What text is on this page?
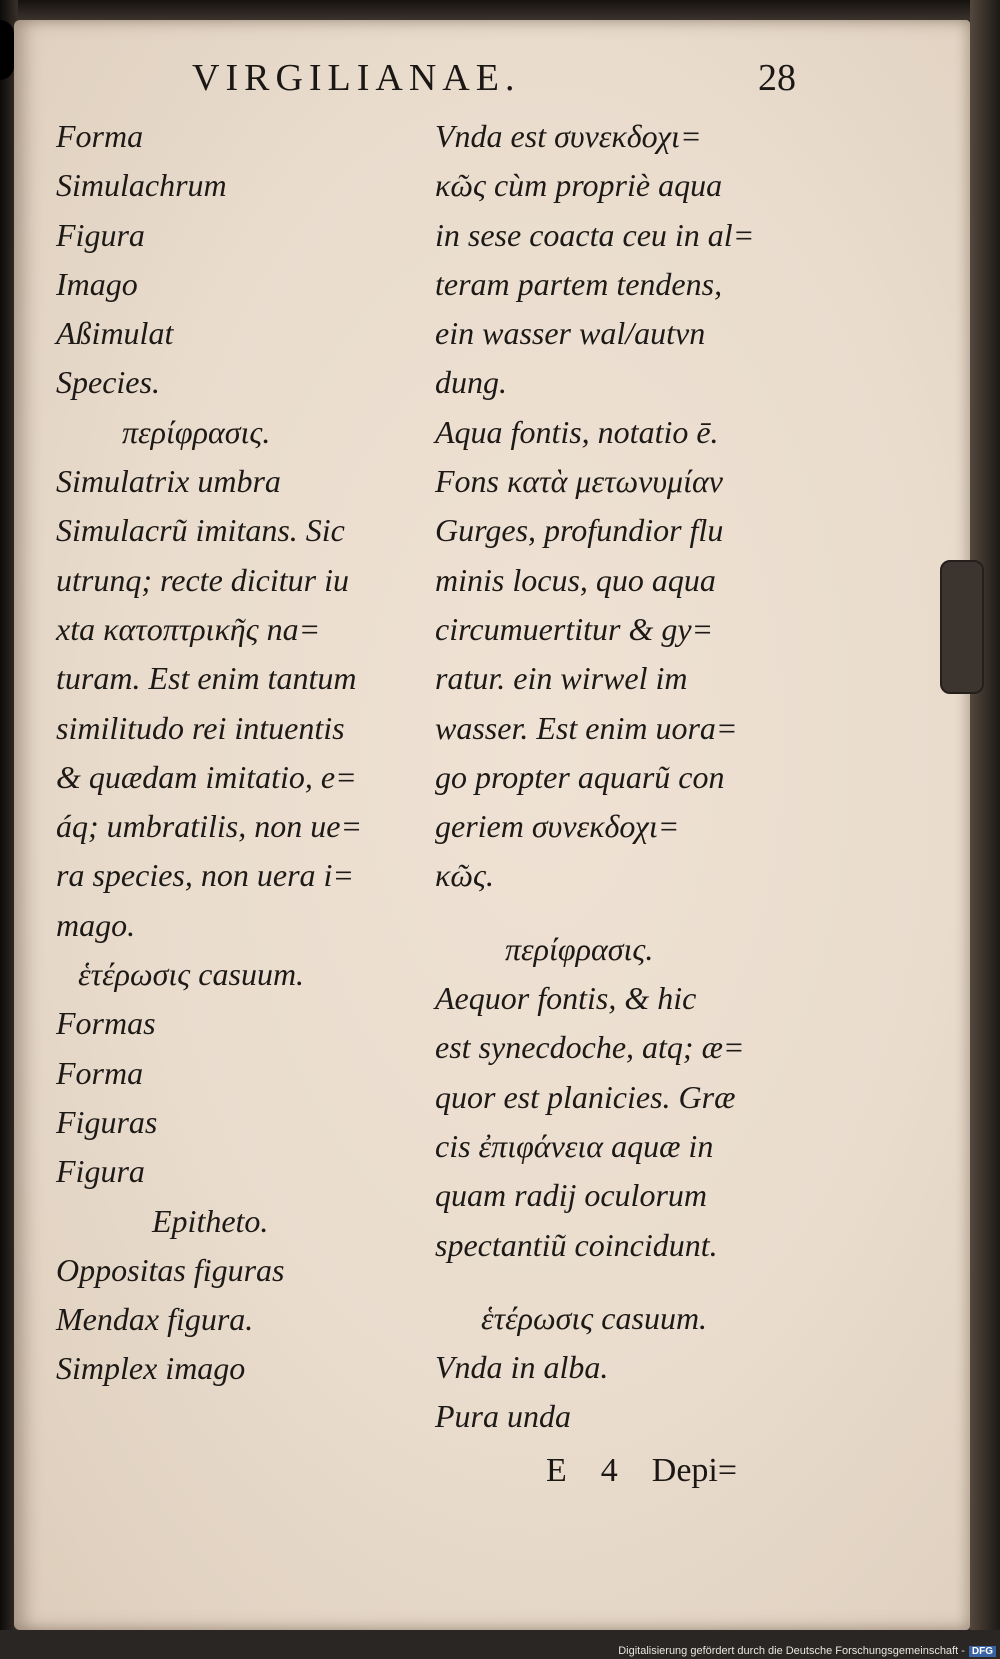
VIRGILIANAE.	28
Forma
Simulachrum
Figura
Imago
Aßimulat
Species.
περίφρασις.
Simulatrix umbra
Simulacrũ imitans. Sic
utrunq; recte dicitur iu
xta κατοπτρικῆς na=
turam. Est enim tantum
similitudo rei intuentis
& quædam imitatio, e=
áq; umbratilis, non ue=
ra species, non uera i=
mago.
ἑτέρωσις casuum.
Formas
Forma
Figuras
Figura
Epitheto.
Oppositas figuras
Mendax figura.
Simplex imago
Vnda est συνεκδοχι=
κῶς cùm propriè aqua
in sese coacta ceu in al=
teram partem tendens,
ein wasser wal/autvn
dung.
Aqua fontis, notatio ē.
Fons κατὰ μετωνυμίαν
Gurges, profundior flu
minis locus, quo aqua
circumuertitur & gy=
ratur. ein wirwel im
wasser. Est enim uora=
go propter aquarũ con
geriem συνεκδοχι=
κῶς.
περίφρασις.
Aequor fontis, & hic
est synecdoche, atq; æ=
quor est planicies. Græ
cis ἐπιφάνεια aquæ in
quam radij oculorum
spectantiũ coincidunt.
ἑτέρωσις casuum.
Vnda in alba.
Pura unda
E 4 Depi=
Digitalisierung gefördert durch die Deutsche Forschungsgemeinschaft - DFG
